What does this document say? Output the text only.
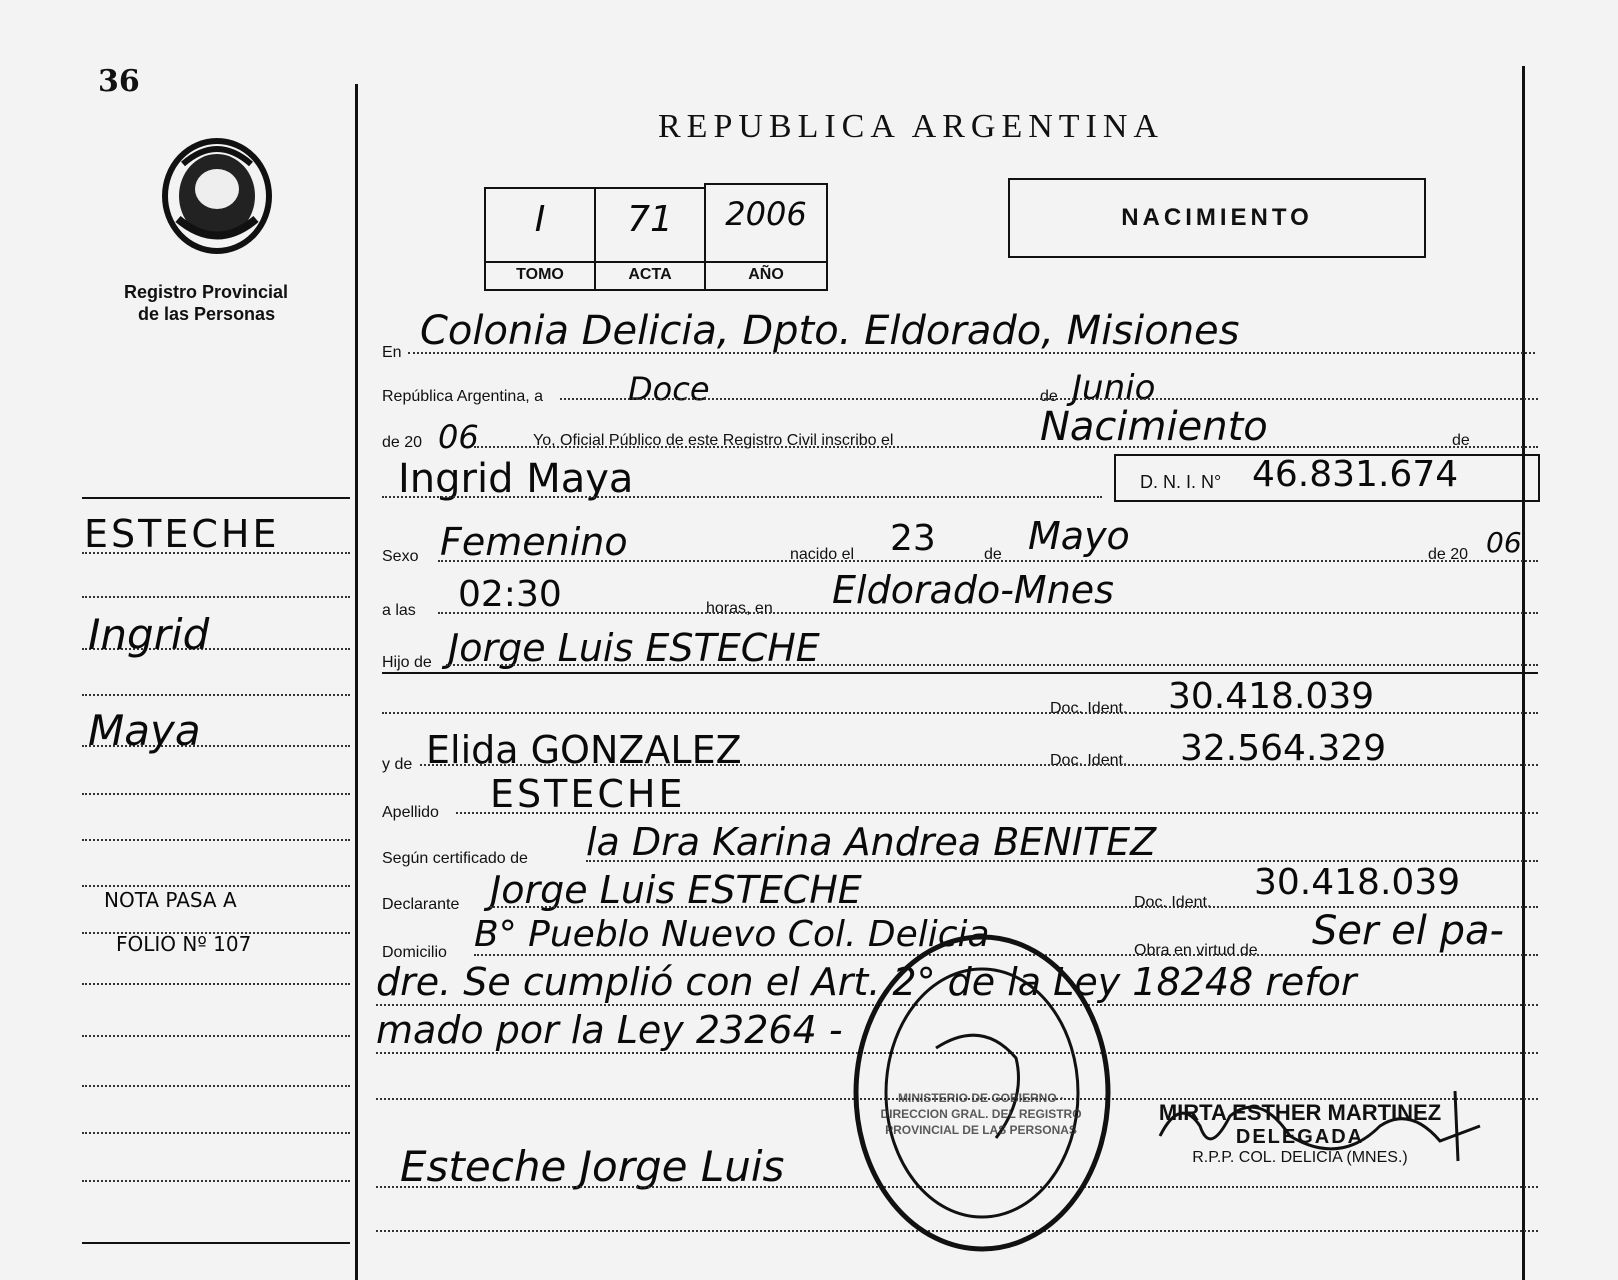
36
Registro Provincial
de las Personas
ESTECHE
Ingrid
Maya
NOTA PASA A
FOLIO Nº 107
REPUBLICA ARGENTINA
I
TOMO
71
ACTA
2006
AÑO
NACIMIENTO
En Colonia Delicia, Dpto. Eldorado, Misiones
República Argentina, a	Doce	de Junio
de 20 06	Yo, Oficial Público de este Registro Civil inscribo el	Nacimiento	de
Ingrid Maya	D. N. I. N° 46.831.674
Sexo Femenino	nacido el 23	de Mayo	de 20 06
a las 02:30	horas, en Eldorado-Mnes
Hijo de Jorge Luis ESTECHE
Doc. Ident. 30.418.039
y de Elida GONZALEZ	Doc. Ident. 32.564.329
Apellido ESTECHE
Según certificado de la Dra Karina Andrea BENITEZ
Declarante Jorge Luis ESTECHE	Doc. Ident. 30.418.039
Domicilio B° Pueblo Nuevo Col. Delicia	Obra en virtud de Ser el pa-
dre. Se cumplió con el Art. 2° de la Ley 18248 refor
mado por la Ley 23264 -
Esteche Jorge Luis
MINISTERIO DE GOBIERNO · DIRECCION GRAL. DEL REGISTRO PROVINCIAL DE LAS PERSONAS
MIRTA ESTHER MARTINEZ
DELEGADA
R.P.P. COL. DELICIA (MNES.)
